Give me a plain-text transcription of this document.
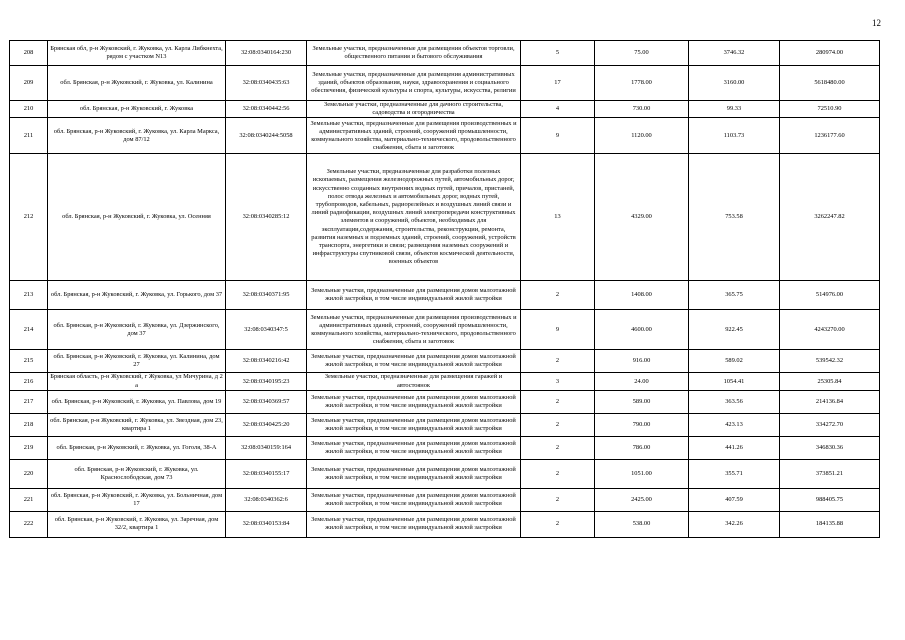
12
208	Брянская обл, р-н Жуковский, г. Жуковка, ул. Карла Либкнехта, рядом с участком N13	32:08:0340164:230	Земельные участки, предназначенные для размещения объектов торговли, общественного питания и бытового обслуживания	5	75.00	3746.32	280974.00
209	обл. Брянская, р-н Жуковский, г. Жуковка, ул. Калинина	32:08:0340435:63	Земельные участки, предназначенные для размещения административных зданий, объектов образования, науки, здравоохранения и социального обеспечения, физической культуры и спорта, культуры, искусства, религии	17	1778.00	3160.00	5618480.00
210	обл. Брянская, р-н Жуковский, г. Жуковка	32:08:0340442:56	Земельные участки, предназначенные для дачного строительства, садоводства и огородничества	4	730.00	99.33	72510.90
211	обл. Брянская, р-н Жуковский, г. Жуковка, ул. Карла Маркса, дом 87/12	32:08:0340244:5058	Земельные участки, предназначенные для размещения производственных и административных зданий, строений, сооружений промышленности, коммунального хозяйства, материально-технического, продовольственного снабжения, сбыта и заготовок	9	1120.00	1103.73	1236177.60
212	обл. Брянская, р-н Жуковский, г. Жуковка, ул. Осенняя	32:08:0340285:12	Земельные участки, предназначенные для разработки полезных ископаемых, размещения железнодорожных путей, автомобильных дорог, искусственно созданных внутренних водных путей, причалов, пристаней, полос отвода железных и автомобильных дорог, водных путей, трубопроводов, кабельных, радиорелейных и воздушных линий связи и линий радиофикации, воздушных линий электропередачи конструктивных элементов и сооружений, объектов, необходимых для эксплуатации,содержания, строительства, реконструкции, ремонта, развития наземных и подземных зданий, строений, сооружений, устройств транспорта, энергетики и связи; размещения наземных сооружений и инфраструктуры спутниковой связи, объектов космической деятельности, военных объектов	13	4329.00	753.58	3262247.82
213	обл. Брянская, р-н Жуковский, г. Жуковка, ул. Горького, дом 37	32:08:0340371:95	Земельные участки, предназначенные для размещения домов малоэтажной жилой застройки, в том числе индивидуальной жилой застройки	2	1408.00	365.75	514976.00
214	обл. Брянская, р-н Жуковский, г. Жуковка, ул. Дзержинского, дом 37	32:08:0340347:5	Земельные участки, предназначенные для размещения производственных и административных зданий, строений, сооружений промышленности, коммунального хозяйства, материально-технического, продовольственного снабжения, сбыта и заготовок	9	4600.00	922.45	4243270.00
215	обл. Брянская, р-н Жуковский, г. Жуковка, ул. Калинина, дом 27	32:08:0340216:42	Земельные участки, предназначенные для размещения домов малоэтажной жилой застройки, в том числе индивидуальной жилой застройки	2	916.00	589.02	539542.32
216	Брянская область, р-н Жуковский, г Жуковка, ул Мичурина, д 2 а	32:08:0340195:23	Земельные участки, предназначенные для размещения гаражей и автостоянок	3	24.00	1054.41	25305.84
217	обл. Брянская, р-н Жуковский, г. Жуковка, ул. Павлова, дом 19	32:08:0340369:57	Земельные участки, предназначенные для размещения домов малоэтажной жилой застройки, в том числе индивидуальной жилой застройки	2	589.00	363.56	214136.84
218	обл. Брянская, р-н Жуковский, г. Жуковка, ул. Звездная, дом 23, квартира 1	32:08:0340425:20	Земельные участки, предназначенные для размещения домов малоэтажной жилой застройки, в том числе индивидуальной жилой застройки	2	790.00	423.13	334272.70
219	обл. Брянская, р-н Жуковский, г. Жуковка, ул. Гоголя, 38-А	32:08:0340159:164	Земельные участки, предназначенные для размещения домов малоэтажной жилой застройки, в том числе индивидуальной жилой застройки	2	786.00	441.26	346830.36
220	обл. Брянская, р-н Жуковский, г. Жуковка, ул. Краснослободская, дом 73	32:08:0340155:17	Земельные участки, предназначенные для размещения домов малоэтажной жилой застройки, в том числе индивидуальной жилой застройки	2	1051.00	355.71	373851.21
221	обл. Брянская, р-н Жуковский, г. Жуковка, ул. Больничная, дом 17	32:08:0340362:6	Земельные участки, предназначенные для размещения домов малоэтажной жилой застройки, в том числе индивидуальной жилой застройки	2	2425.00	407.59	988405.75
222	обл. Брянская, р-н Жуковский, г. Жуковка, ул. Заречная, дом 32/2, квартира 1	32:08:0340153:84	Земельные участки, предназначенные для размещения домов малоэтажной жилой застройки, в том числе индивидуальной жилой застройки	2	538.00	342.26	184135.88
